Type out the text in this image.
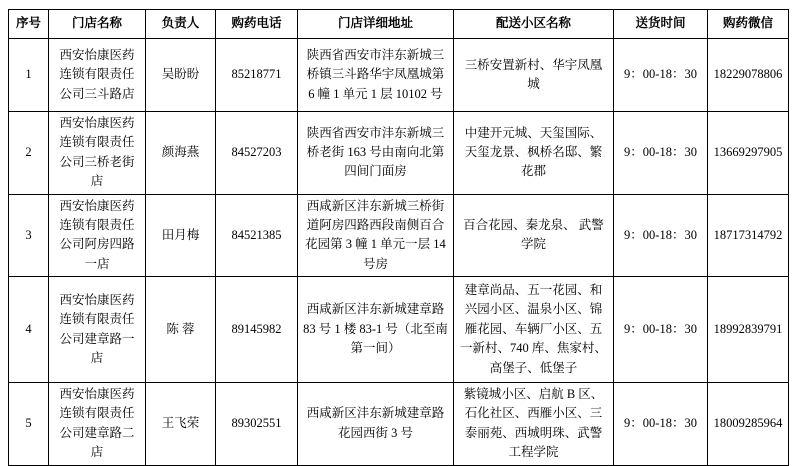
序号	门店名称	负责人	购药电话	门店详细地址	配送小区名称	送货时间	购药微信
1	西安怡康医药连锁有限责任公司三斗路店	吴盼盼	85218771	陕西省西安市沣东新城三桥镇三斗路华宇凤凰城第 6 幢 1 单元 1 层 10102 号	三桥安置新村、华宇凤凰城	9：00-18：30	18229078806
2	西安怡康医药连锁有限责任公司三桥老街店	颜海燕	84527203	陕西省西安市沣东新城三桥老街 163 号由南向北第四间门面房	中建开元城、天玺国际、天玺龙景、枫桥名邸、繁花郡	9：00-18：30	13669297905
3	西安怡康医药连锁有限责任公司阿房四路一店	田月梅	84521385	西咸新区沣东新城三桥街道阿房四路西段南侧百合花园第 3 幢 1 单元一层 14 号房	百合花园、秦龙泉、 武警学院	9：00-18：30	18717314792
4	西安怡康医药连锁有限责任公司建章路一店	陈 蓉	89145982	西咸新区沣东新城建章路 83 号 1 楼 83-1 号（北至南第一间）	建章尚品、五一花园、和兴园小区、温泉小区、锦雁花园、车辆厂小区、五一新村、740 库、焦家村、高堡子、低堡子	9：00-18：30	18992839791
5	西安怡康医药连锁有限责任公司建章路二店	王飞荣	89302551	西咸新区沣东新城建章路花园西街 3 号	紫镜城小区、启航 B 区、石化社区、西雁小区、三泰丽苑、西城明珠、武警工程学院	9：00-18：30	18009285964
